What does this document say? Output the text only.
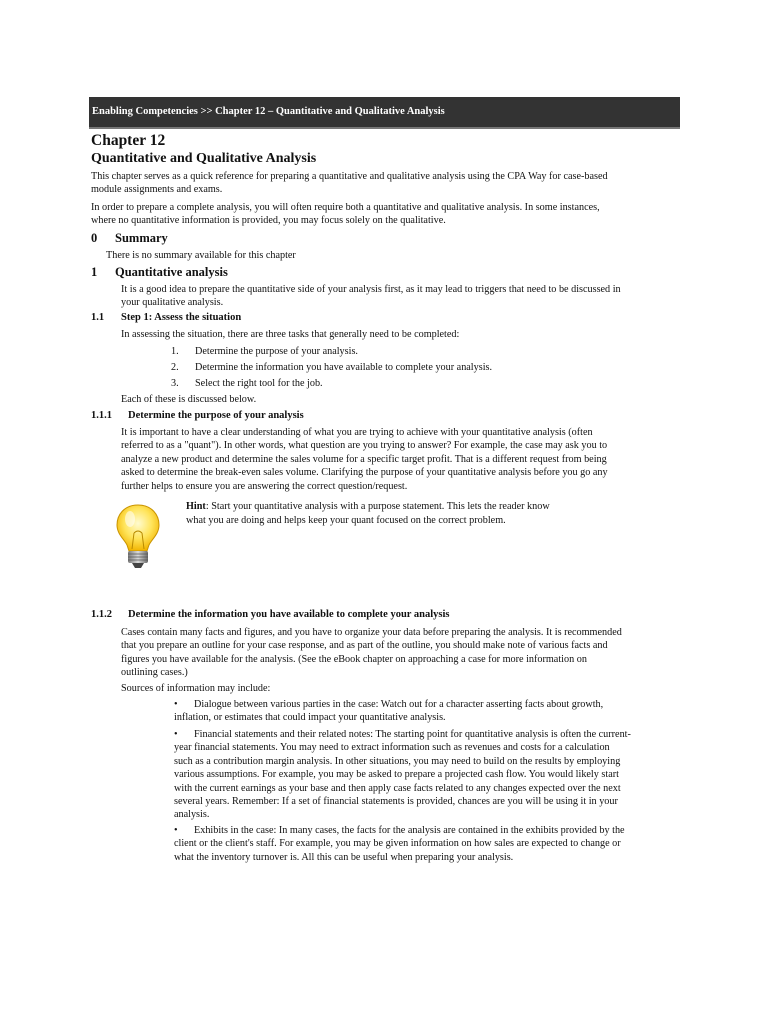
Enabling Competencies >> Chapter 12 – Quantitative and Qualitative Analysis
Chapter 12
Quantitative and Qualitative Analysis
This chapter serves as a quick reference for preparing a quantitative and qualitative analysis using the CPA Way for case-based
module assignments and exams.
In order to prepare a complete analysis, you will often require both a quantitative and qualitative analysis. In some instances,
where no quantitative information is provided, you may focus solely on the qualitative.
0 Summary
There is no summary available for this chapter
1 Quantitative analysis
It is a good idea to prepare the quantitative side of your analysis first, as it may lead to triggers that need to be discussed in
your qualitative analysis.
1.1 Step 1: Assess the situation
In assessing the situation, there are three tasks that generally need to be completed:
1. Determine the purpose of your analysis.
2. Determine the information you have available to complete your analysis.
3. Select the right tool for the job.
Each of these is discussed below.
1.1.1 Determine the purpose of your analysis
It is important to have a clear understanding of what you are trying to achieve with your quantitative analysis (often
referred to as a "quant"). In other words, what question are you trying to answer? For example, the case may ask you to
analyze a new product and determine the sales volume for a specific target profit. That is a different request from being
asked to determine the break-even sales volume. Clarifying the purpose of your quantitative analysis before you go any
further helps to ensure you are answering the correct question/request.
Hint: Start your quantitative analysis with a purpose statement. This lets the reader know
what you are doing and helps keep your quant focused on the correct problem.
1.1.2 Determine the information you have available to complete your analysis
Cases contain many facts and figures, and you have to organize your data before preparing the analysis. It is recommended
that you prepare an outline for your case response, and as part of the outline, you should make note of various facts and
figures you have available for the analysis. (See the eBook chapter on approaching a case for more information on
outlining cases.)
Sources of information may include:
• Dialogue between various parties in the case: Watch out for a character asserting facts about growth,
inflation, or estimates that could impact your quantitative analysis.
• Financial statements and their related notes: The starting point for quantitative analysis is often the current-
year financial statements. You may need to extract information such as revenues and costs for a calculation
such as a contribution margin analysis. In other situations, you may need to build on the results by employing
various assumptions. For example, you may be asked to prepare a projected cash flow. You would likely start
with the current earnings as your base and then apply case facts related to any changes expected over the next
several years. Remember: If a set of financial statements is provided, chances are you will be using it in your
analysis.
• Exhibits in the case: In many cases, the facts for the analysis are contained in the exhibits provided by the
client or the client's staff. For example, you may be given information on how sales are expected to change or
what the inventory turnover is. All this can be useful when preparing your analysis.
